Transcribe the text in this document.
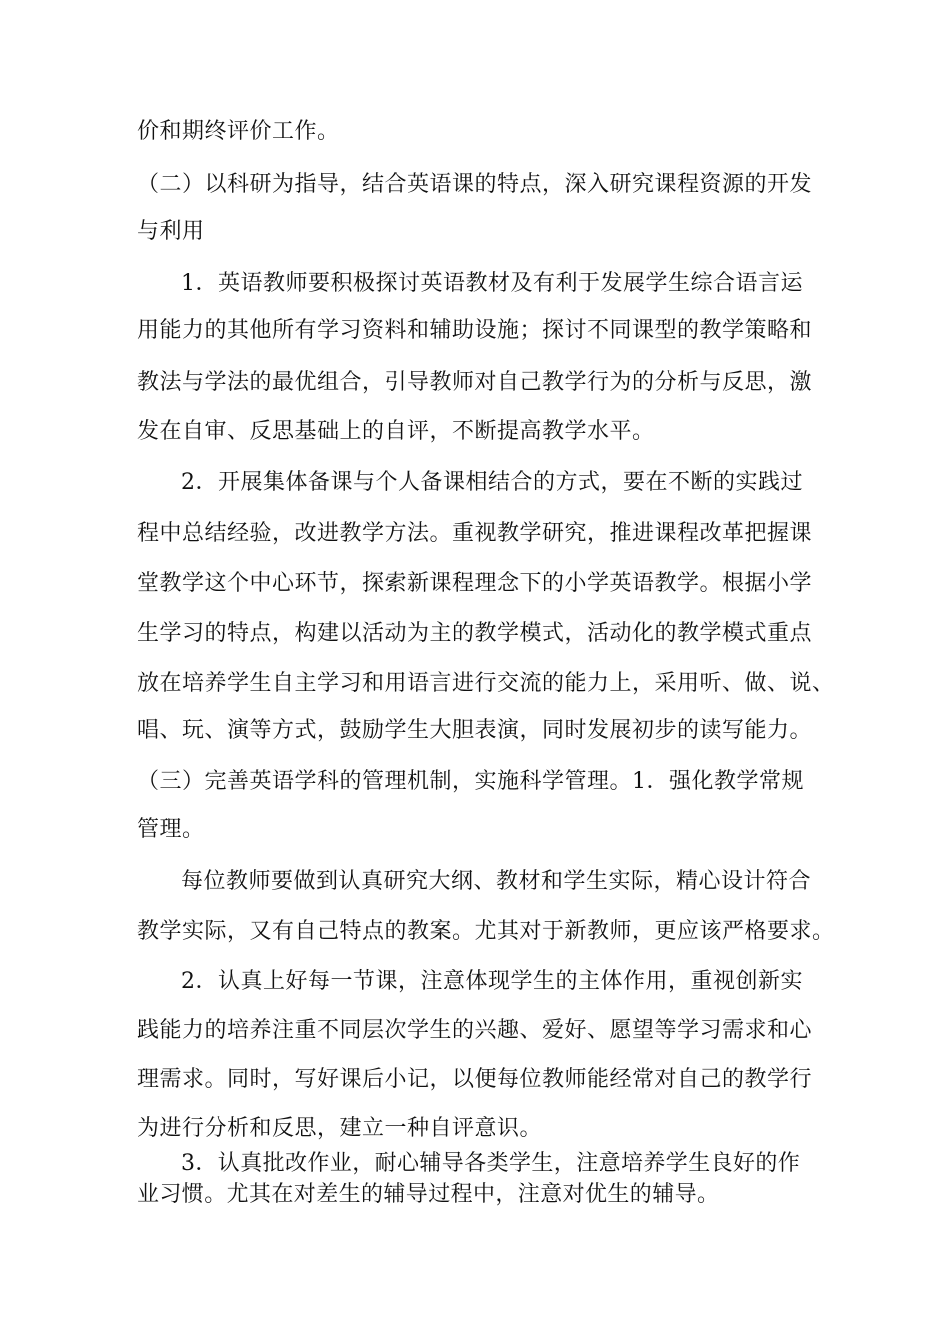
价和期终评价工作。
（二）以科研为指导，结合英语课的特点，深入研究课程资源的开发
与利用
1．英语教师要积极探讨英语教材及有利于发展学生综合语言运
用能力的其他所有学习资料和辅助设施；探讨不同课型的教学策略和
教法与学法的最优组合，引导教师对自己教学行为的分析与反思，激
发在自审、反思基础上的自评，不断提高教学水平。
2．开展集体备课与个人备课相结合的方式，要在不断的实践过
程中总结经验，改进教学方法。重视教学研究，推进课程改革把握课
堂教学这个中心环节，探索新课程理念下的小学英语教学。根据小学
生学习的特点，构建以活动为主的教学模式，活动化的教学模式重点
放在培养学生自主学习和用语言进行交流的能力上，采用听、做、说、
唱、玩、演等方式，鼓励学生大胆表演，同时发展初步的读写能力。
（三）完善英语学科的管理机制，实施科学管理。1．强化教学常规
管理。
每位教师要做到认真研究大纲、教材和学生实际，精心设计符合
教学实际，又有自己特点的教案。尤其对于新教师，更应该严格要求。
2．认真上好每一节课，注意体现学生的主体作用，重视创新实
践能力的培养注重不同层次学生的兴趣、爱好、愿望等学习需求和心
理需求。同时，写好课后小记，以便每位教师能经常对自己的教学行
为进行分析和反思，建立一种自评意识。
3．认真批改作业，耐心辅导各类学生，注意培养学生良好的作
业习惯。尤其在对差生的辅导过程中，注意对优生的辅导。
